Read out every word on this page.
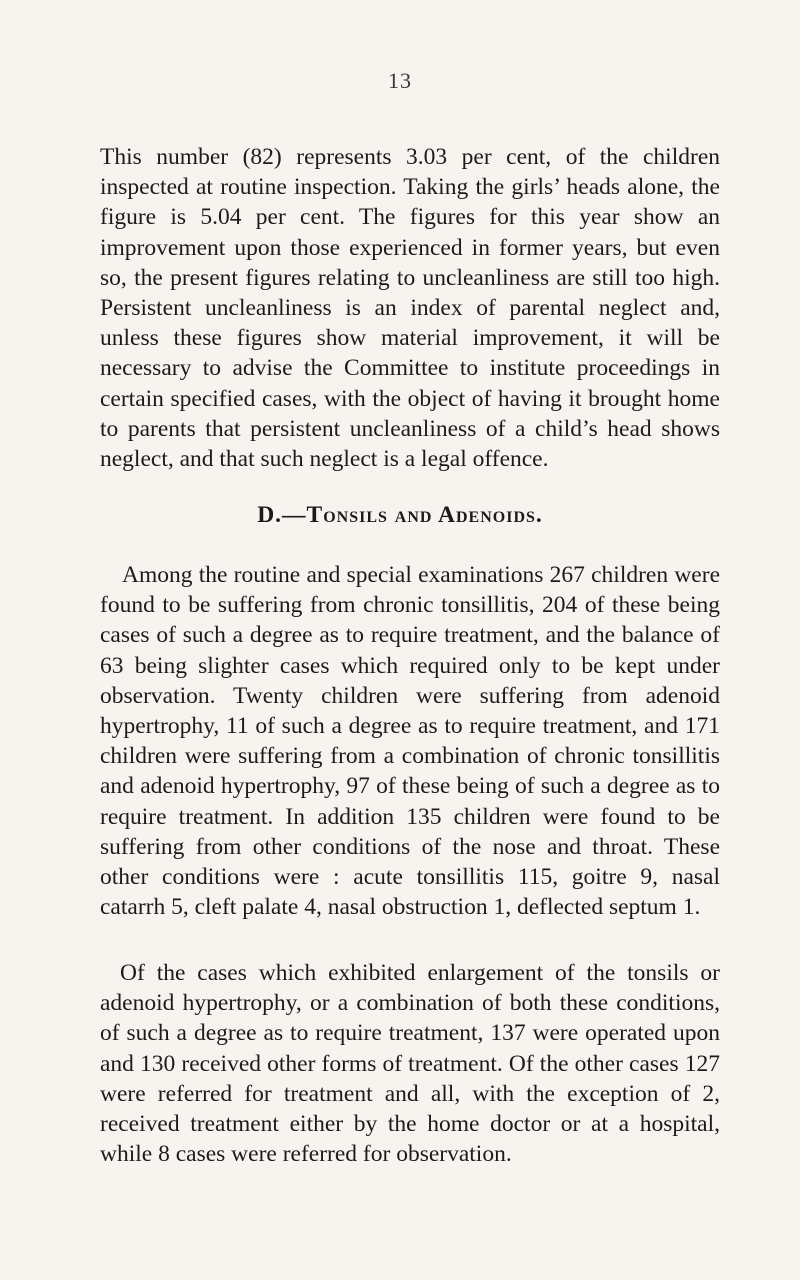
13

This number (82) represents 3.03 per cent, of the children inspected at routine inspection. Taking the girls’ heads alone, the figure is 5.04 per cent. The figures for this year show an improvement upon those experienced in former years, but even so, the present figures relating to uncleanliness are still too high. Persistent uncleanliness is an index of parental neglect and, unless these figures show material improvement, it will be necessary to advise the Committee to institute proceedings in certain specified cases, with the object of having it brought home to parents that persistent uncleanliness of a child’s head shows neglect, and that such neglect is a legal offence.

D.—Tonsils and Adenoids.

Among the routine and special examinations 267 children were found to be suffering from chronic tonsillitis, 204 of these being cases of such a degree as to require treatment, and the balance of 63 being slighter cases which required only to be kept under observation. Twenty children were suffering from adenoid hypertrophy, 11 of such a degree as to require treatment, and 171 children were suffering from a combination of chronic tonsillitis and adenoid hypertrophy, 97 of these being of such a degree as to require treatment. In addition 135 children were found to be suffering from other conditions of the nose and throat. These other conditions were : acute tonsillitis 115, goitre 9, nasal catarrh 5, cleft palate 4, nasal obstruction 1, deflected septum 1.

Of the cases which exhibited enlargement of the tonsils or adenoid hypertrophy, or a combination of both these conditions, of such a degree as to require treatment, 137 were operated upon and 130 received other forms of treatment. Of the other cases 127 were referred for treatment and all, with the exception of 2, received treatment either by the home doctor or at a hospital, while 8 cases were referred for observation.
